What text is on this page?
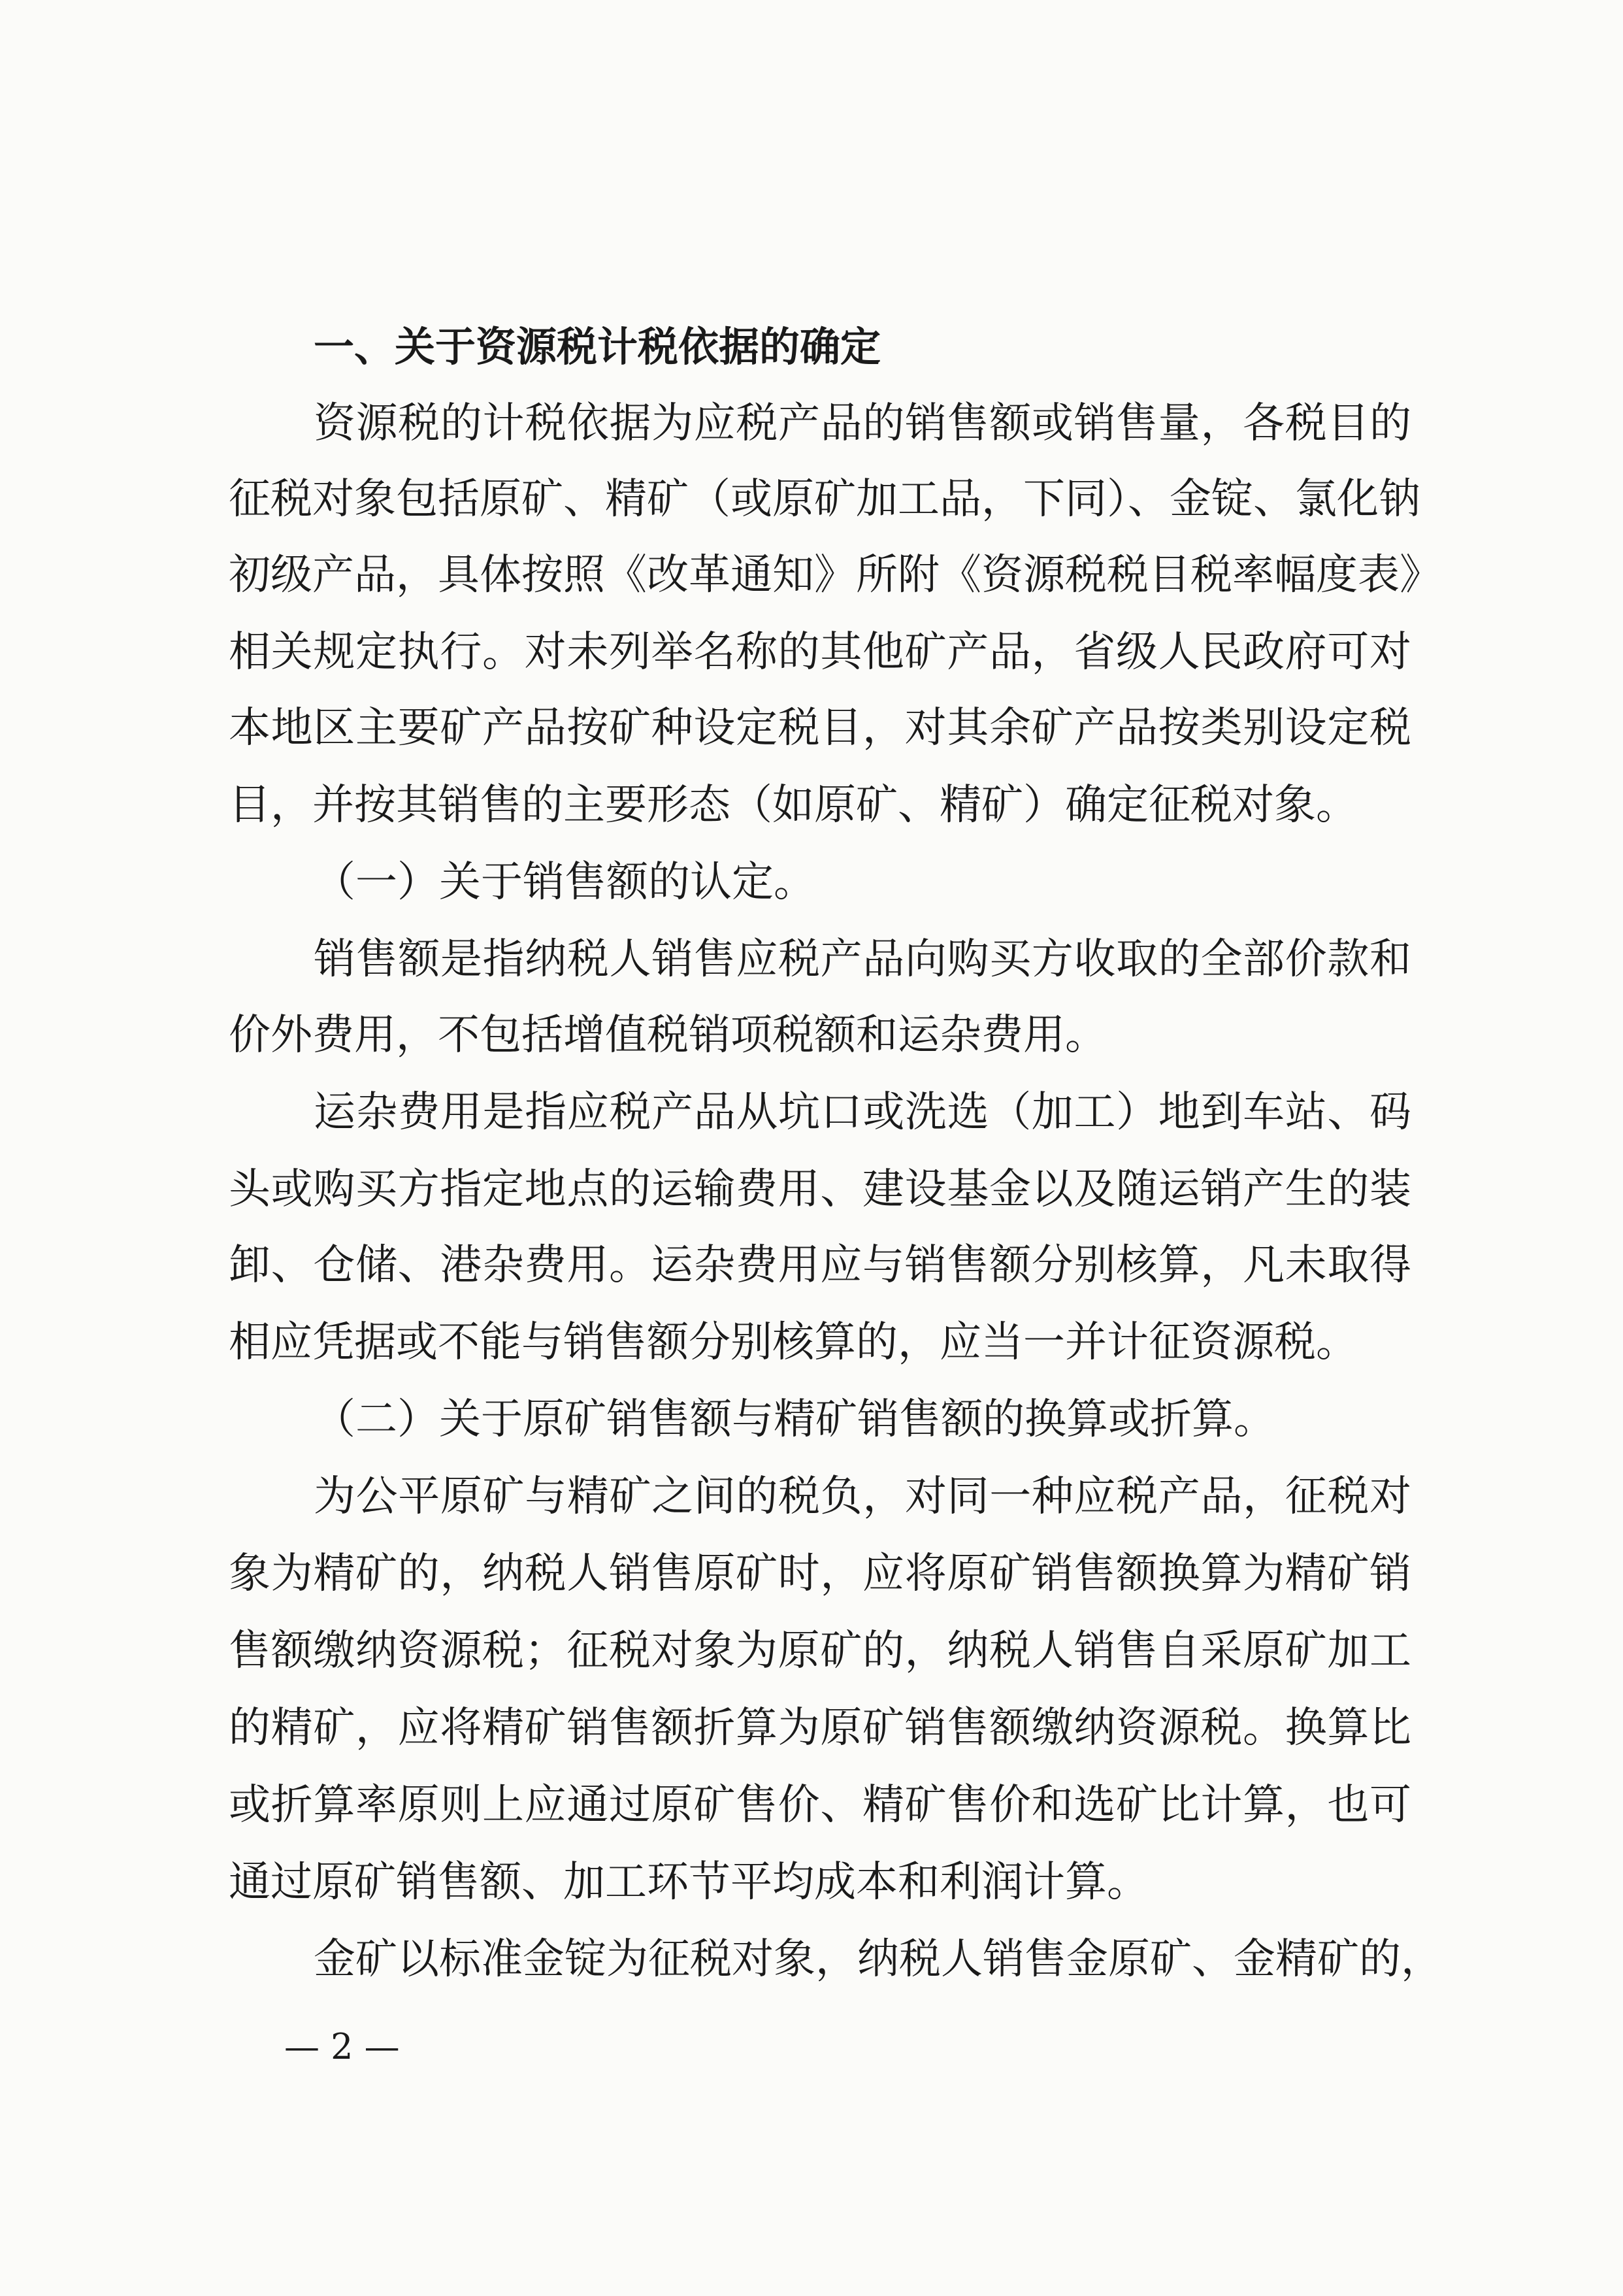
一、关于资源税计税依据的确定
资源税的计税依据为应税产品的销售额或销售量，各税目的
征税对象包括原矿、精矿（或原矿加工品，下同）、金锭、氯化钠
初级产品，具体按照《改革通知》所附《资源税税目税率幅度表》
相关规定执行。对未列举名称的其他矿产品，省级人民政府可对
本地区主要矿产品按矿种设定税目，对其余矿产品按类别设定税
目，并按其销售的主要形态（如原矿、精矿）确定征税对象。
（一）关于销售额的认定。
销售额是指纳税人销售应税产品向购买方收取的全部价款和
价外费用，不包括增值税销项税额和运杂费用。
运杂费用是指应税产品从坑口或洗选（加工）地到车站、码
头或购买方指定地点的运输费用、建设基金以及随运销产生的装
卸、仓储、港杂费用。运杂费用应与销售额分别核算，凡未取得
相应凭据或不能与销售额分别核算的，应当一并计征资源税。
（二）关于原矿销售额与精矿销售额的换算或折算。
为公平原矿与精矿之间的税负，对同一种应税产品，征税对
象为精矿的，纳税人销售原矿时，应将原矿销售额换算为精矿销
售额缴纳资源税；征税对象为原矿的，纳税人销售自采原矿加工
的精矿，应将精矿销售额折算为原矿销售额缴纳资源税。换算比
或折算率原则上应通过原矿售价、精矿售价和选矿比计算，也可
通过原矿销售额、加工环节平均成本和利润计算。
金矿以标准金锭为征税对象，纳税人销售金原矿、金精矿的，
— 2 —
